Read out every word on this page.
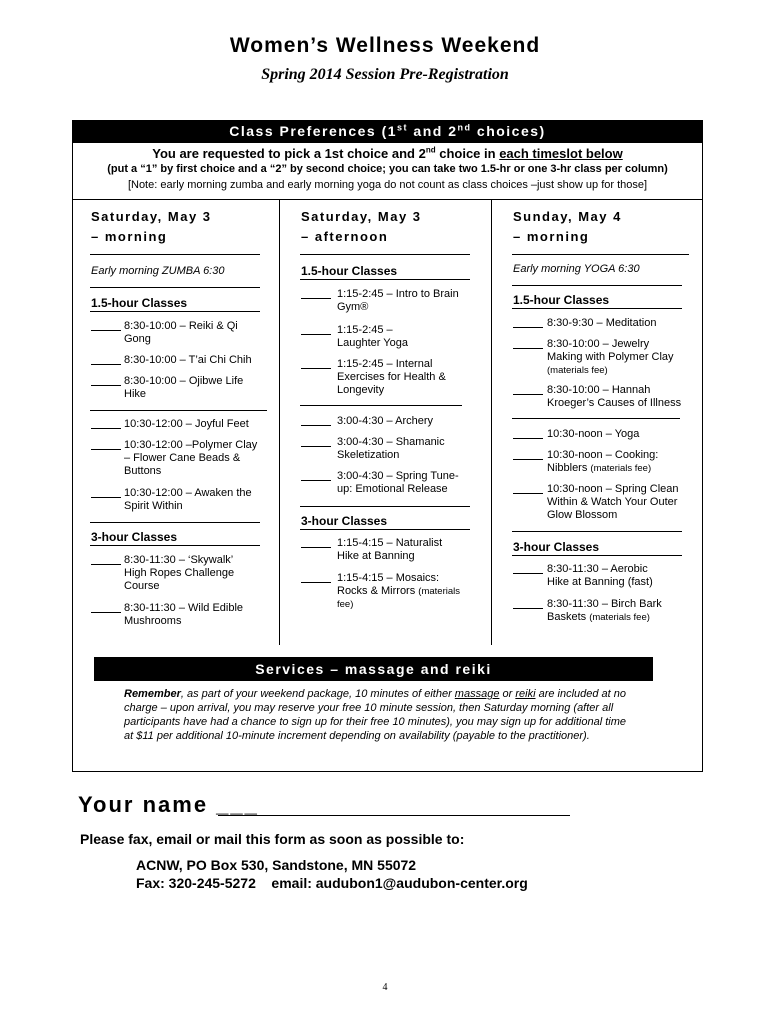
Women’s Wellness Weekend
Spring 2014 Session Pre-Registration
Class Preferences (1st and 2nd choices)
You are requested to pick a 1st choice and 2nd choice in each timeslot below
(put a “1” by first choice and a “2” by second choice; you can take two 1.5-hr or one 3-hr class per column)
[Note: early morning zumba and early morning yoga do not count as class choices –just show up for those]
Saturday, May 3
– morning
Early morning ZUMBA 6:30
1.5-hour Classes
8:30-10:00 – Reiki & Qi Gong
8:30-10:00 – T’ai Chi Chih
8:30-10:00 – Ojibwe Life Hike
10:30-12:00 – Joyful Feet
10:30-12:00 –Polymer Clay – Flower Cane Beads & Buttons
10:30-12:00 – Awaken the Spirit Within
3-hour Classes
8:30-11:30 – ‘Skywalk’ High Ropes Challenge Course
8:30-11:30 – Wild Edible Mushrooms
Saturday, May 3
– afternoon
1.5-hour Classes
1:15-2:45 – Intro to Brain Gym®
1:15-2:45 – Laughter Yoga
1:15-2:45 – Internal Exercises for Health & Longevity
3:00-4:30 – Archery
3:00-4:30 – Shamanic Skeletization
3:00-4:30 – Spring Tune-up: Emotional Release
3-hour Classes
1:15-4:15 – Naturalist Hike at Banning
1:15-4:15 – Mosaics: Rocks & Mirrors (materials fee)
Sunday, May 4
– morning
Early morning YOGA 6:30
1.5-hour Classes
8:30-9:30 – Meditation
8:30-10:00 – Jewelry Making with Polymer Clay (materials fee)
8:30-10:00 – Hannah Kroeger’s Causes of Illness
10:30-noon – Yoga
10:30-noon – Cooking: Nibblers (materials fee)
10:30-noon – Spring Clean Within & Watch Your Outer Glow Blossom
3-hour Classes
8:30-11:30 – Aerobic Hike at Banning (fast)
8:30-11:30 – Birch Bark Baskets (materials fee)
Services – massage and reiki
Remember, as part of your weekend package, 10 minutes of either massage or reiki are included at no charge – upon arrival, you may reserve your free 10 minute session, then Saturday morning (after all participants have had a chance to sign up for their free 10 minutes), you may sign up for additional time at $11 per additional 10-minute increment depending on availability (payable to the practitioner).
Your name ___
Please fax, email or mail this form as soon as possible to:
ACNW, PO Box 530, Sandstone, MN 55072
Fax: 320-245-5272    email: audubon1@audubon-center.org
4
